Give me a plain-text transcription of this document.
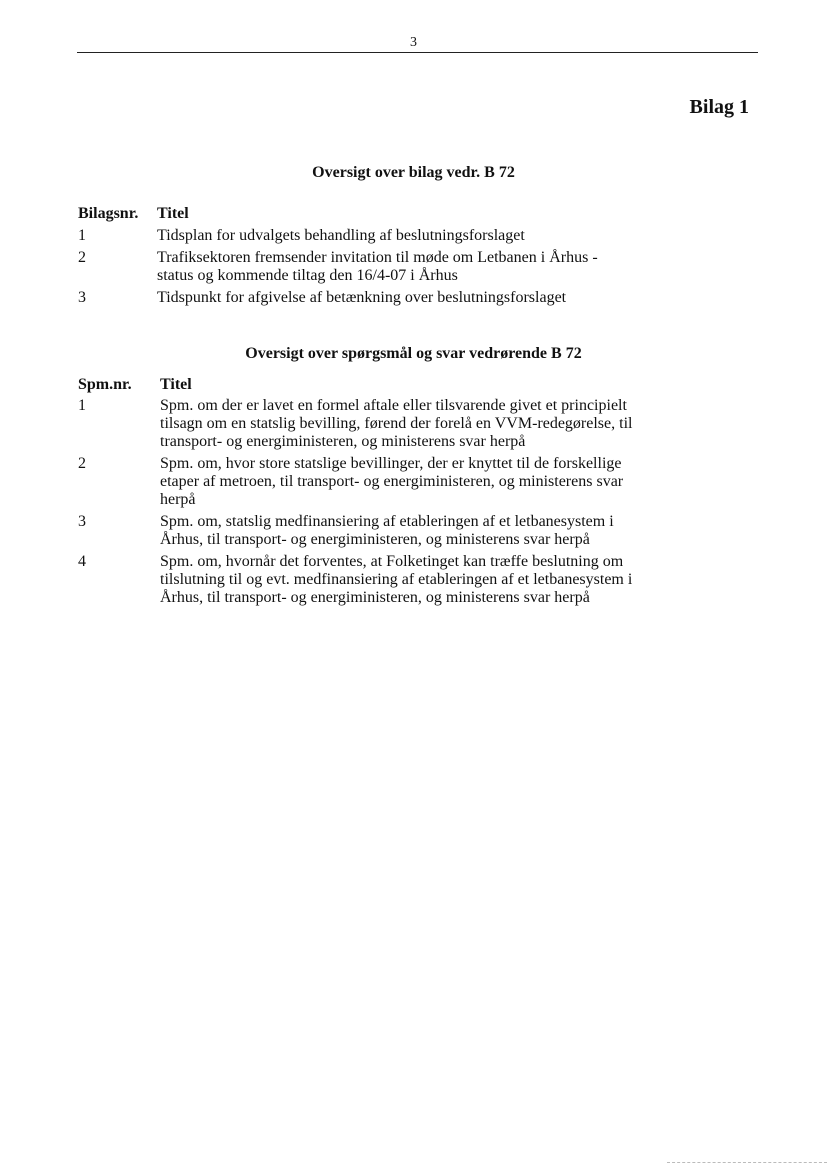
3
Bilag 1
Oversigt over bilag vedr. B 72
Bilagsnr.	Titel
1	Tidsplan for udvalgets behandling af beslutningsforslaget
2	Trafiksektoren fremsender invitation til møde om Letbanen i Århus - status og kommende tiltag den 16/4-07 i Århus
3	Tidspunkt for afgivelse af betænkning over beslutningsforslaget
Oversigt over spørgsmål og svar vedrørende B 72
Spm.nr.	Titel
1	Spm. om der er lavet en formel aftale eller tilsvarende givet et principielt tilsagn om en statslig bevilling, førend der forelå en VVM-redegørelse, til transport- og energiministeren, og ministerens svar herpå
2	Spm. om, hvor store statslige bevillinger, der er knyttet til de forskellige etaper af metroen, til transport- og energiministeren, og ministerens svar herpå
3	Spm. om, statslig medfinansiering af etableringen af et letbanesystem i Århus, til transport- og energiministeren, og ministerens svar herpå
4	Spm. om, hvornår det forventes, at Folketinget kan træffe beslutning om tilslutning til og evt. medfinansiering af etableringen af et letbanesystem i Århus, til transport- og energiministeren, og ministerens svar herpå
